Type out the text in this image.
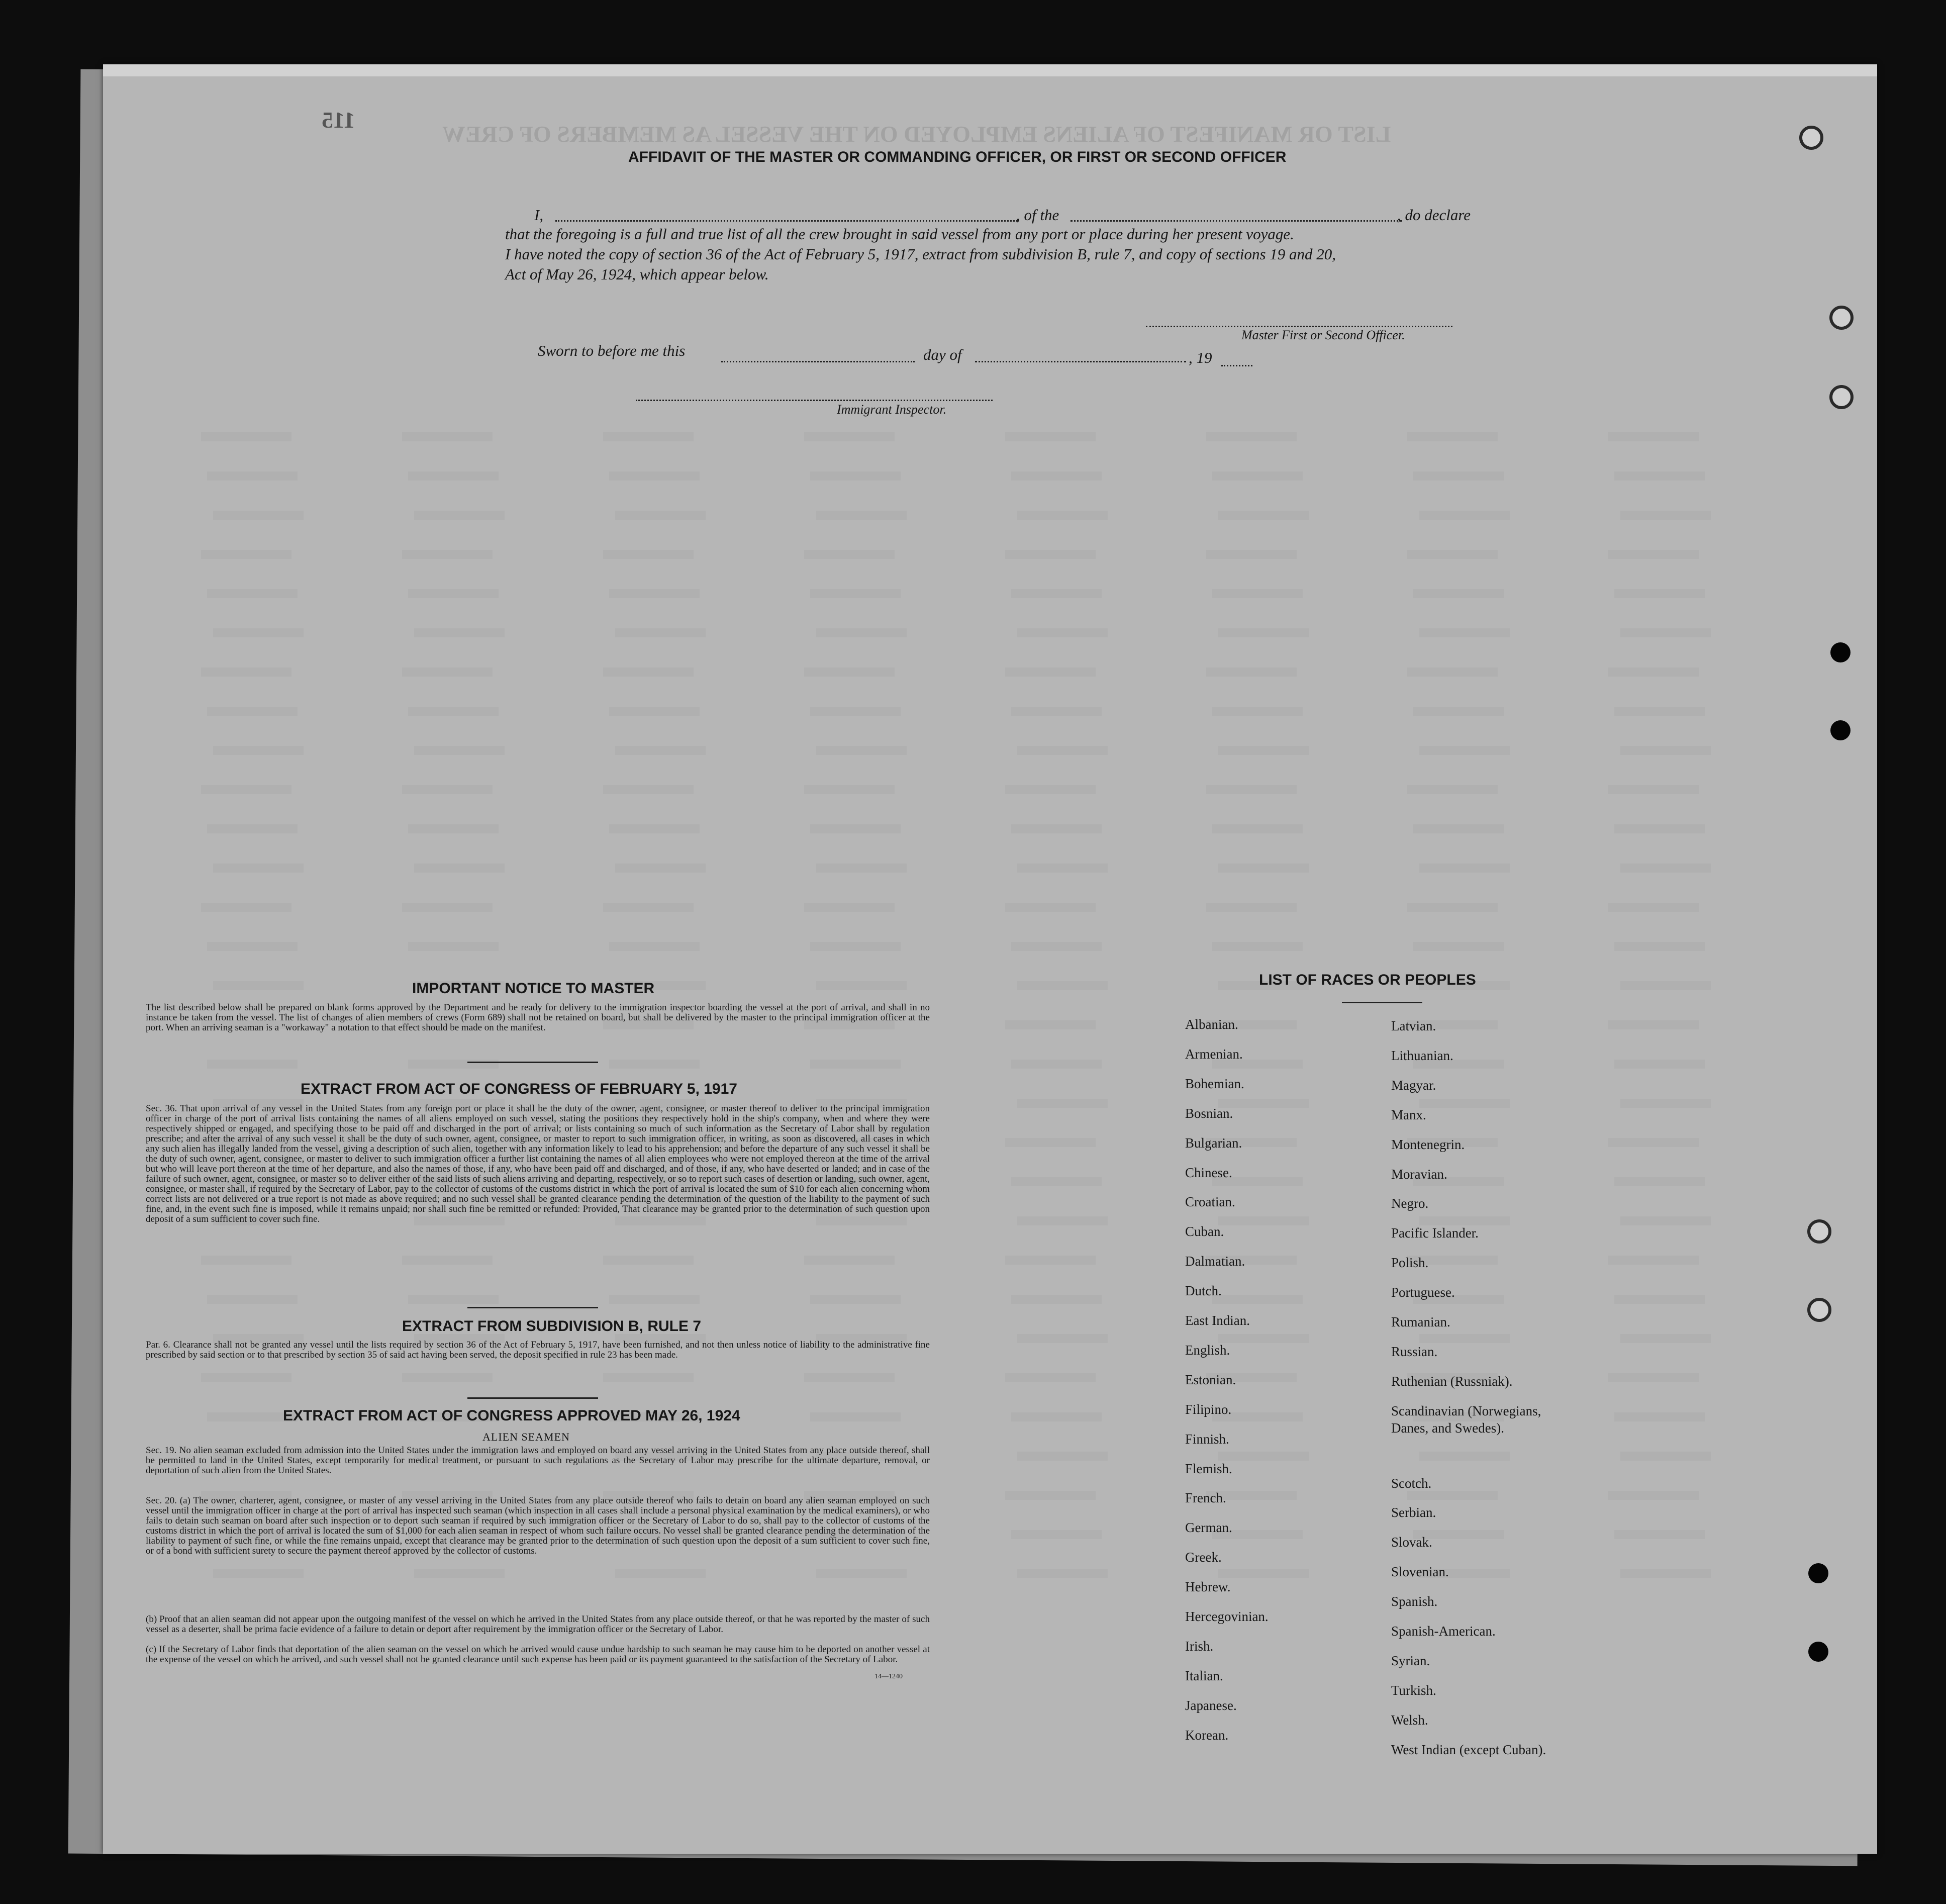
LIST OR MANIFEST OF ALIENS EMPLOYED ON THE VESSEL AS MEMBERS OF CREW
115
AFFIDAVIT OF THE MASTER OR COMMANDING OFFICER, OR FIRST OR SECOND OFFICER
I,	, of the	, do declare
that the foregoing is a full and true list of all the crew brought in said vessel from any port or place during her present voyage.
I have noted the copy of section 36 of the Act of February 5, 1917, extract from subdivision B, rule 7, and copy of sections 19 and 20,
Act of May 26, 1924, which appear below.
Master First or Second Officer.
Sworn to before me this	day of	, 19
Immigrant Inspector.
IMPORTANT NOTICE TO MASTER
The list described below shall be prepared on blank forms approved by the Department and be ready for delivery to the immigration inspector boarding the vessel at the port of arrival, and shall in no instance be taken from the vessel. The list of changes of alien members of crews (Form 689) shall not be retained on board, but shall be delivered by the master to the principal immigration officer at the port. When an arriving seaman is a "workaway" a notation to that effect should be made on the manifest.
EXTRACT FROM ACT OF CONGRESS OF FEBRUARY 5, 1917
Sec. 36. That upon arrival of any vessel in the United States from any foreign port or place it shall be the duty of the owner, agent, consignee, or master thereof to deliver to the principal immigration officer in charge of the port of arrival lists containing the names of all aliens employed on such vessel, stating the positions they respectively hold in the ship's company, when and where they were respectively shipped or engaged, and specifying those to be paid off and discharged in the port of arrival; or lists containing so much of such information as the Secretary of Labor shall by regulation prescribe; and after the arrival of any such vessel it shall be the duty of such owner, agent, consignee, or master to report to such immigration officer, in writing, as soon as discovered, all cases in which any such alien has illegally landed from the vessel, giving a description of such alien, together with any information likely to lead to his apprehension; and before the departure of any such vessel it shall be the duty of such owner, agent, consignee, or master to deliver to such immigration officer a further list containing the names of all alien employees who were not employed thereon at the time of the arrival but who will leave port thereon at the time of her departure, and also the names of those, if any, who have been paid off and discharged, and of those, if any, who have deserted or landed; and in case of the failure of such owner, agent, consignee, or master so to deliver either of the said lists of such aliens arriving and departing, respectively, or so to report such cases of desertion or landing, such owner, agent, consignee, or master shall, if required by the Secretary of Labor, pay to the collector of customs of the customs district in which the port of arrival is located the sum of $10 for each alien concerning whom correct lists are not delivered or a true report is not made as above required; and no such vessel shall be granted clearance pending the determination of the question of the liability to the payment of such fine, and, in the event such fine is imposed, while it remains unpaid; nor shall such fine be remitted or refunded: Provided, That clearance may be granted prior to the determination of such question upon deposit of a sum sufficient to cover such fine.
EXTRACT FROM SUBDIVISION B, RULE 7
Par. 6. Clearance shall not be granted any vessel until the lists required by section 36 of the Act of February 5, 1917, have been furnished, and not then unless notice of liability to the administrative fine prescribed by said section or to that prescribed by section 35 of said act having been served, the deposit specified in rule 23 has been made.
EXTRACT FROM ACT OF CONGRESS APPROVED MAY 26, 1924
ALIEN SEAMEN
Sec. 19. No alien seaman excluded from admission into the United States under the immigration laws and employed on board any vessel arriving in the United States from any place outside thereof, shall be permitted to land in the United States, except temporarily for medical treatment, or pursuant to such regulations as the Secretary of Labor may prescribe for the ultimate departure, removal, or deportation of such alien from the United States.
Sec. 20. (a) The owner, charterer, agent, consignee, or master of any vessel arriving in the United States from any place outside thereof who fails to detain on board any alien seaman employed on such vessel until the immigration officer in charge at the port of arrival has inspected such seaman (which inspection in all cases shall include a personal physical examination by the medical examiners), or who fails to detain such seaman on board after such inspection or to deport such seaman if required by such immigration officer or the Secretary of Labor to do so, shall pay to the collector of customs of the customs district in which the port of arrival is located the sum of $1,000 for each alien seaman in respect of whom such failure occurs. No vessel shall be granted clearance pending the determination of the liability to payment of such fine, or while the fine remains unpaid, except that clearance may be granted prior to the determination of such question upon the deposit of a sum sufficient to cover such fine, or of a bond with sufficient surety to secure the payment thereof approved by the collector of customs.
(b) Proof that an alien seaman did not appear upon the outgoing manifest of the vessel on which he arrived in the United States from any place outside thereof, or that he was reported by the master of such vessel as a deserter, shall be prima facie evidence of a failure to detain or deport after requirement by the immigration officer or the Secretary of Labor.
(c) If the Secretary of Labor finds that deportation of the alien seaman on the vessel on which he arrived would cause undue hardship to such seaman he may cause him to be deported on another vessel at the expense of the vessel on which he arrived, and such vessel shall not be granted clearance until such expense has been paid or its payment guaranteed to the satisfaction of the Secretary of Labor.
14—1240
LIST OF RACES OR PEOPLES
Albanian.
Armenian.
Bohemian.
Bosnian.
Bulgarian.
Chinese.
Croatian.
Cuban.
Dalmatian.
Dutch.
East Indian.
English.
Estonian.
Filipino.
Finnish.
Flemish.
French.
German.
Greek.
Hebrew.
Hercegovinian.
Irish.
Italian.
Japanese.
Korean.
Latvian.
Lithuanian.
Magyar.
Manx.
Montenegrin.
Moravian.
Negro.
Pacific Islander.
Polish.
Portuguese.
Rumanian.
Russian.
Ruthenian (Russniak).
Scandinavian (Norwegians,
Danes, and Swedes).
Scotch.
Serbian.
Slovak.
Slovenian.
Spanish.
Spanish-American.
Syrian.
Turkish.
Welsh.
West Indian (except Cuban).
